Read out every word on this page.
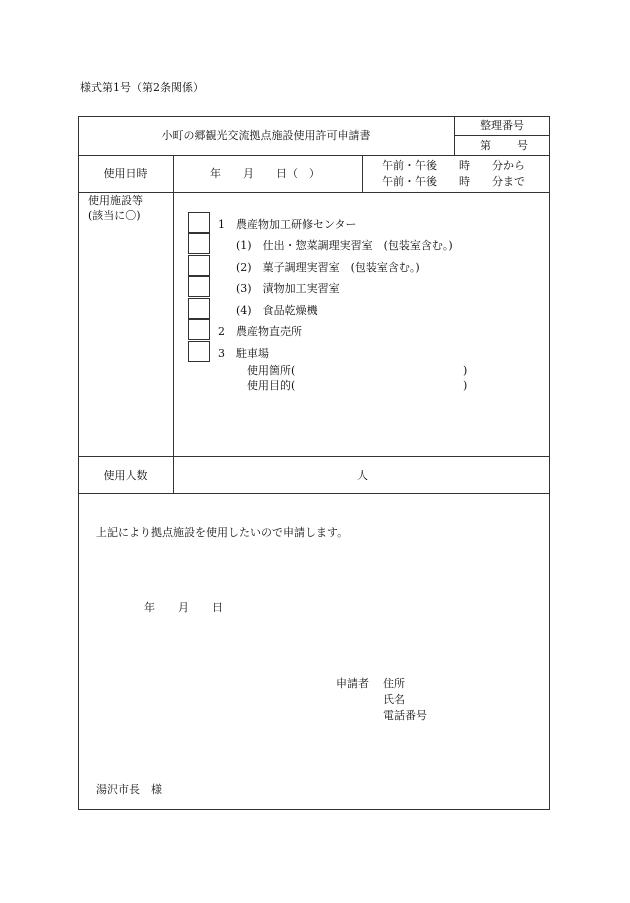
様式第1号（第2条関係）
小町の郷観光交流拠点施設使用許可申請書
整理番号
第 号
使用日時	年　　月　　日（　）
午前・午後　　時　　分から
午前・午後　　時　　分まで
使用施設等
(該当に〇)
1　農産物加工研修センター
(1)　仕出・惣菜調理実習室　(包装室含む。)
(2)　菓子調理実習室　(包装室含む。)
(3)　漬物加工実習室
(4)　食品乾燥機
2　農産物直売所
3　駐車場
使用箇所(	)
使用目的(	)
使用人数	人
上記により拠点施設を使用したいので申請します。
年 月 日
申請者 住所
氏名
電話番号
湯沢市長　様
